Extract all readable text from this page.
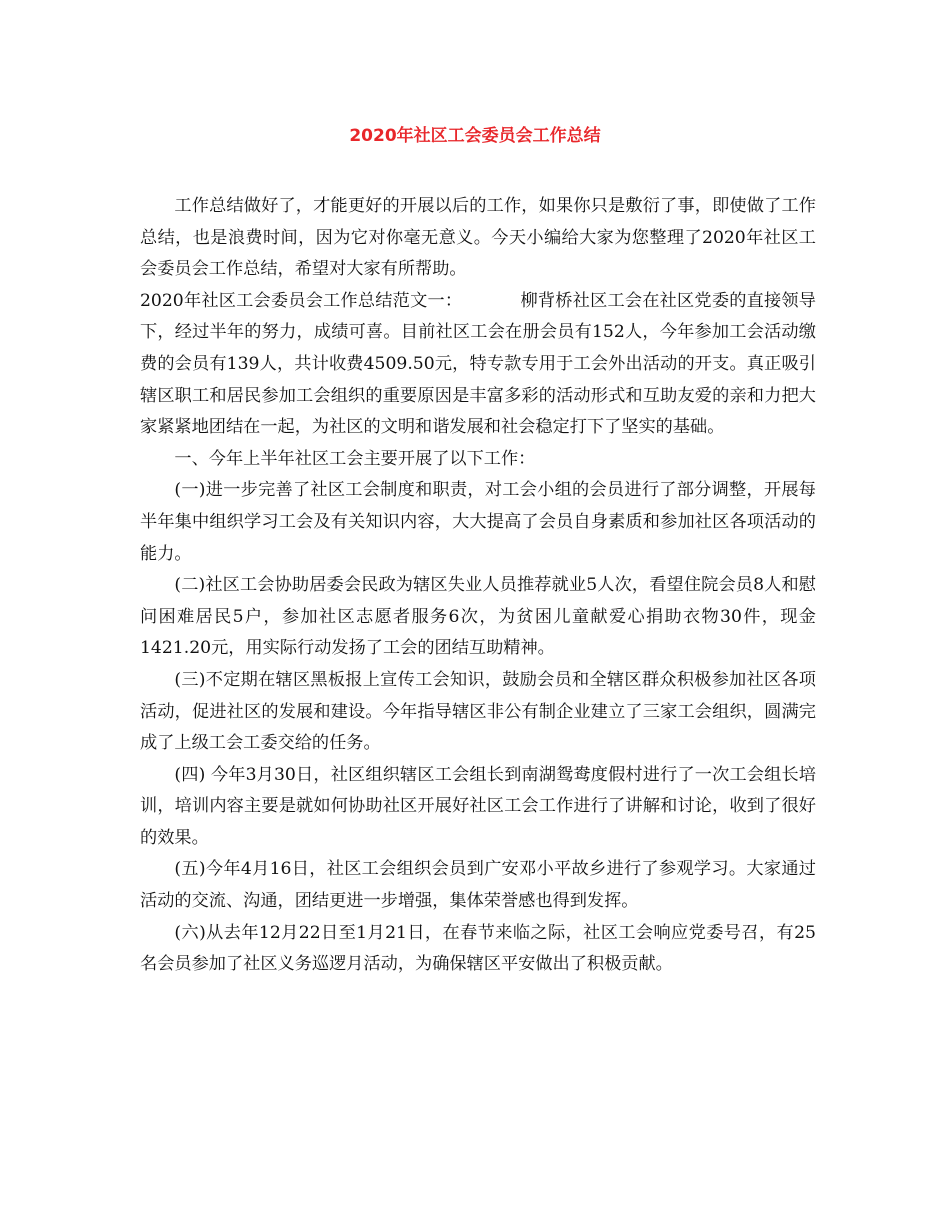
2020年社区工会委员会工作总结

工作总结做好了，才能更好的开展以后的工作，如果你只是敷衍了事，即使做了工作总结，也是浪费时间，因为它对你毫无意义。今天小编给大家为您整理了2020年社区工会委员会工作总结，希望对大家有所帮助。

2020年社区工会委员会工作总结范文一：	柳背桥社区工会在社区党委的直接领导下，经过半年的努力，成绩可喜。目前社区工会在册会员有152人，今年参加工会活动缴费的会员有139人，共计收费4509.50元，特专款专用于工会外出活动的开支。真正吸引辖区职工和居民参加工会组织的重要原因是丰富多彩的活动形式和互助友爱的亲和力把大家紧紧地团结在一起，为社区的文明和谐发展和社会稳定打下了坚实的基础。

一、今年上半年社区工会主要开展了以下工作：

(一)进一步完善了社区工会制度和职责，对工会小组的会员进行了部分调整，开展每半年集中组织学习工会及有关知识内容，大大提高了会员自身素质和参加社区各项活动的能力。

(二)社区工会协助居委会民政为辖区失业人员推荐就业5人次，看望住院会员8人和慰问困难居民5户，参加社区志愿者服务6次，为贫困儿童献爱心捐助衣物30件，现金1421.20元，用实际行动发扬了工会的团结互助精神。

(三)不定期在辖区黑板报上宣传工会知识，鼓励会员和全辖区群众积极参加社区各项活动，促进社区的发展和建设。今年指导辖区非公有制企业建立了三家工会组织，圆满完成了上级工会工委交给的任务。

(四) 今年3月30日，社区组织辖区工会组长到南湖鸳鸯度假村进行了一次工会组长培训，培训内容主要是就如何协助社区开展好社区工会工作进行了讲解和讨论，收到了很好的效果。

(五)今年4月16日，社区工会组织会员到广安邓小平故乡进行了参观学习。大家通过活动的交流、沟通，团结更进一步增强，集体荣誉感也得到发挥。

(六)从去年12月22日至1月21日，在春节来临之际，社区工会响应党委号召，有25名会员参加了社区义务巡逻月活动，为确保辖区平安做出了积极贡献。
